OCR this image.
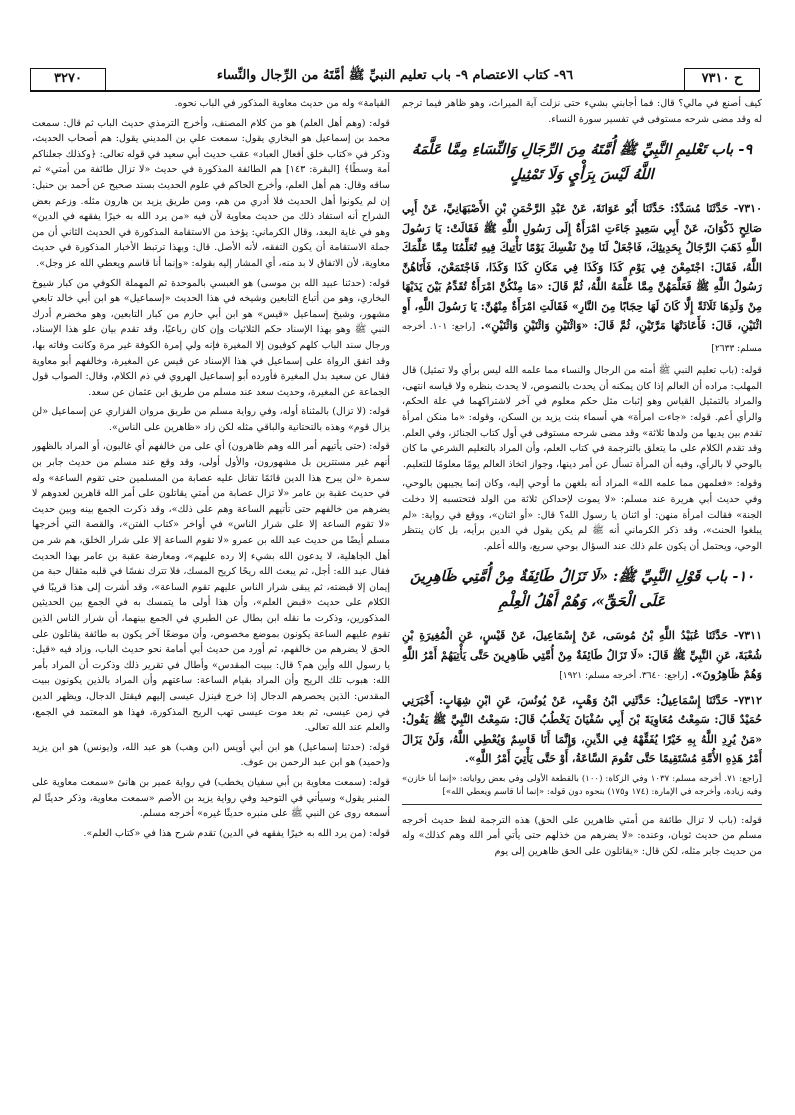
ح ٧٣١٠
٩٦- كتاب الاعتصام ٩- باب تعليم النبيِّ ﷺ أمَّتَهُ من الرِّجال والنِّساء
٣٢٧٠

كيف أصنع في مالي؟ قال: فما أجابني بشيء حتى نزلت آية الميراث، وهو ظاهر فيما ترجم له وقد مضى شرحه مستوفى في تفسير سورة النساء.

٩- باب تَعْليمِ النَّبِيِّ ﷺ أُمَّتَهُ مِنَ الرِّجَالِ وَالنِّسَاءِ مِمَّا عَلَّمَهُ اللَّهُ لَيْسَ بِرَأْيٍ وَلَا تَمْثِيلٍ

٧٣١٠- حَدَّثَنَا مُسَدَّدٌ: حَدَّثَنَا أَبُو عَوَانَةَ، عَنْ عَبْدِ الرَّحْمَنِ بْنِ الأَصْبَهَانِيِّ، عَنْ أَبِي صَالِحٍ ذَكْوَانَ، عَنْ أَبِي سَعِيدٍ جَاءَتِ امْرَأَةٌ إِلَى رَسُولِ اللَّهِ ﷺ فَقَالَتْ: يَا رَسُولَ اللَّهِ ذَهَبَ الرِّجَالُ بِحَدِيثِكَ، فَاجْعَلْ لَنَا مِنْ نَفْسِكَ يَوْمًا نَأْتِيكَ فِيهِ تُعَلِّمُنَا مِمَّا عَلَّمَكَ اللَّهُ، فَقَالَ: اجْتَمِعْنَ فِي يَوْمِ كَذَا وَكَذَا فِي مَكَانِ كَذَا وَكَذَا، فَاجْتَمَعْنَ، فَأَتَاهُنَّ رَسُولُ اللَّهِ ﷺ فَعَلَّمَهُنَّ مِمَّا عَلَّمَهُ اللَّهُ، ثُمَّ قَالَ: «مَا مِنْكُنَّ امْرَأَةٌ تُقَدِّمُ بَيْنَ يَدَيْهَا مِنْ وَلَدِهَا ثَلَاثَةً إِلَّا كَانَ لَهَا حِجَابًا مِنَ النَّارِ» فَقَالَتِ امْرَأَةٌ مِنْهُنَّ: يَا رَسُولَ اللَّهِ، أَوِ اثْنَيْنِ، قَالَ: فَأَعَادَتْهَا مَرَّتَيْنِ، ثُمَّ قَالَ: «وَاثْنَيْنِ وَاثْنَيْنِ وَاثْنَيْنِ». [راجع: ١٠١. أخرجه مسلم: ٢٦٣٣]

قوله: (باب تعليم النبي ﷺ أمته من الرجال والنساء مما علمه الله ليس برأي ولا تمثيل) قال المهلب: مراده أن العالم إذا كان يمكنه أن يحدث بالنصوص، لا يحدث بنظره ولا قياسه انتهى، والمراد بالتمثيل القياس وهو إثبات مثل حكم معلوم في آخر لاشتراكهما في علة الحكم، والرأي أعم. قوله: «جاءت امرأة» هي أسماء بنت يزيد بن السكن، وقوله: «ما منكن امرأة تقدم بين يديها من ولدها ثلاثة» وقد مضى شرحه مستوفى في أول كتاب الجنائز، وفي العلم. وقد تقدم الكلام على ما يتعلق بالترجمة في كتاب العلم، وأن المراد بالتعليم الشرعي ما كان بالوحي لا بالرأي، وفيه أن المرأة تسأل عن أمر دينها، وجواز اتخاذ العالم يومًا معلومًا للتعليم.

وقوله: «فعلمهن مما علمه الله» المراد أنه بلغهن ما أوحي إليه، وكان إنما يجيبهن بالوحي، وفي حديث أبي هريرة عند مسلم: «لا يموت لإحداكن ثلاثة من الولد فتحتسبه إلا دخلت الجنة» فقالت امرأة منهن: أو اثنان يا رسول الله؟ قال: «أو اثنان»، ووقع في رواية: «لم يبلغوا الحنث»، وقد ذكر الكرماني أنه ﷺ لم يكن يقول في الدين برأيه، بل كان ينتظر الوحي، ويحتمل أن يكون علم ذلك عند السؤال بوحي سريع، والله أعلم.

١٠- باب قَوْلِ النَّبِيِّ ﷺ: «لَا تَزَالُ طَائِفَةٌ مِنْ أُمَّتِي ظَاهِرِينَ عَلَى الْحَقِّ»، وَهُمْ أَهْلُ الْعِلْمِ

٧٣١١- حَدَّثَنَا عُبَيْدُ اللَّهِ بْنُ مُوسَى، عَنْ إِسْمَاعِيلَ، عَنْ قَيْسٍ، عَنِ الْمُغِيرَةِ بْنِ شُعْبَةَ، عَنِ النَّبِيِّ ﷺ قَالَ: «لَا تَزَالُ طَائِفَةٌ مِنْ أُمَّتِي ظَاهِرِينَ حَتَّى يَأْتِيَهُمْ أَمْرُ اللَّهِ وَهُمْ ظَاهِرُونَ». [راجع: ٣٦٤٠. أخرجه مسلم: ١٩٢١]

٧٣١٢- حَدَّثَنَا إِسْمَاعِيلُ: حَدَّثَنِي ابْنُ وَهْبٍ، عَنْ يُونُسَ، عَنِ ابْنِ شِهَابٍ: أَخْبَرَنِي حُمَيْدٌ قَالَ: سَمِعْتُ مُعَاوِيَةَ بْنَ أَبِي سُفْيَانَ يَخْطُبُ قَالَ: سَمِعْتُ النَّبِيَّ ﷺ يَقُولُ: «مَنْ يُرِدِ اللَّهُ بِهِ خَيْرًا يُفَقِّهْهُ فِي الدِّينِ، وَإِنَّمَا أَنَا قَاسِمٌ وَيُعْطِي اللَّهُ، وَلَنْ يَزَالَ أَمْرُ هَذِهِ الأُمَّةِ مُسْتَقِيمًا حَتَّى تَقُومَ السَّاعَةُ، أَوْ حَتَّى يَأْتِيَ أَمْرُ اللَّهِ».

[راجع: ٧١. أخرجه مسلم: ١٠٣٧ وفي الزكاة: (١٠٠) بالقطعة الأولى وفي بعض رواياته: «إنما أنا خازن» وفيه زيادة، وأخرجه في الإمارة: (١٧٤ و١٧٥) بنحوه دون قوله: «إنما أنا قاسم ويعطي الله»]

قوله: (باب لا تزال طائفة من أمتي ظاهرين على الحق) هذه الترجمة لفظ حديث أخرجه مسلم من حديث ثوبان، وعنده: «لا يضرهم من خذلهم حتى يأتي أمر الله وهم كذلك» وله من حديث جابر مثله، لكن قال: «يقاتلون على الحق ظاهرين إلى يوم

القيامة» وله من حديث معاوية المذكور في الباب نحوه.

قوله: (وهم أهل العلم) هو من كلام المصنف، وأخرج الترمذي حديث الباب ثم قال: سمعت محمد بن إسماعيل هو البخاري يقول: سمعت علي بن المديني يقول: هم أصحاب الحديث، وذكر في «كتاب خلق أفعال العباد» عقب حديث أبي سعيد في قوله تعالى: ﴿وكذلك جعلناكم أمة وسطًا﴾ [البقرة: ١٤٣] هم الطائفة المذكورة في حديث «لا تزال طائفة من أمتي» ثم ساقه وقال: هم أهل العلم، وأخرج الحاكم في علوم الحديث بسند صحيح عن أحمد بن حنبل: إن لم يكونوا أهل الحديث فلا أدري من هم، ومن طريق يزيد بن هارون مثله. وزعم بعض الشراح أنه استفاد ذلك من حديث معاوية لأن فيه «من يرد الله به خيرًا يفقهه في الدين» وهو في غاية البعد، وقال الكرماني: يؤخذ من الاستقامة المذكورة في الحديث الثاني أن من جملة الاستقامة أن يكون التفقه، لأنه الأصل. قال: وبهذا ترتبط الأخبار المذكورة في حديث معاوية، لأن الاتفاق لا بد منه، أي المشار إليه بقوله: «وإنما أنا قاسم ويعطي الله عز وجل».

قوله: (حدثنا عبيد الله بن موسى) هو العبسي بالموحدة ثم المهملة الكوفي من كبار شيوخ البخاري، وهو من أتباع التابعين وشيخه في هذا الحديث «إسماعيل» هو ابن أبي خالد تابعي مشهور، وشيخ إسماعيل «قيس» هو ابن أبي حازم من كبار التابعين، وهو مخضرم أدرك النبي ﷺ وهو بهذا الإسناد حكم الثلاثيات وإن كان رباعيًا، وقد تقدم بيان علو هذا الإسناد، ورجال سند الباب كلهم كوفيون إلا المغيرة فإنه ولي إمرة الكوفة غير مرة وكانت وفاته بها، وقد اتفق الرواة على إسماعيل في هذا الإسناد عن قيس عن المغيرة، وخالفهم أبو معاوية فقال عن سعيد بدل المغيرة فأورده أبو إسماعيل الهروي في ذم الكلام، وقال: الصواب قول الجماعة عن المغيرة، وحديث سعد عند مسلم من طريق ابن عثمان عن سعد.

قوله: (لا تزال) بالمثناة أوله، وفي رواية مسلم من طريق مروان الفزاري عن إسماعيل «لن يزال قوم» وهذه بالتحتانية والباقي مثله لكن زاد «ظاهرين على الناس».

قوله: (حتى يأتيهم أمر الله وهم ظاهرون) أي على من خالفهم أي غالبون، أو المراد بالظهور أنهم غير مستترين بل مشهورون، والأول أولى، وقد وقع عند مسلم من حديث جابر بن سمرة «لن يبرح هذا الدين قائمًا تقاتل عليه عصابة من المسلمين حتى تقوم الساعة» وله في حديث عقبة بن عامر «لا تزال عصابة من أمتي يقاتلون على أمر الله قاهرين لعدوهم لا يضرهم من خالفهم حتى تأتيهم الساعة وهم على ذلك»، وقد ذكرت الجمع بينه وبين حديث «لا تقوم الساعة إلا على شرار الناس» في أواخر «كتاب الفتن»، والقصة التي أخرجها مسلم أيضًا من حديث عبد الله بن عمرو «لا تقوم الساعة إلا على شرار الخلق، هم شر من أهل الجاهلية، لا يدعون الله بشيء إلا رده عليهم»، ومعارضة عقبة بن عامر بهذا الحديث فقال عبد الله: أجل، ثم يبعث الله ريحًا كريح المسك، فلا تترك نفسًا في قلبه مثقال حبة من إيمان إلا قبضته، ثم يبقى شرار الناس عليهم تقوم الساعة»، وقد أشرت إلى هذا قريبًا في الكلام على حديث «قبض العلم»، وأن هذا أولى ما يتمسك به في الجمع بين الحديثين المذكورين، وذكرت ما نقله ابن بطال عن الطبري في الجمع بينهما، أن شرار الناس الذين تقوم عليهم الساعة يكونون بموضع مخصوص، وأن موضعًا آخر يكون به طائفة يقاتلون على الحق لا يضرهم من خالفهم، ثم أورد من حديث أبي أمامة نحو حديث الباب، وزاد فيه «قيل: يا رسول الله وأين هم؟ قال: ببيت المقدس» وأطال في تقرير ذلك وذكرت أن المراد بأمر الله: هبوب تلك الريح وأن المراد بقيام الساعة: ساعتهم وأن المراد بالذين يكونون ببيت المقدس: الذين يحصرهم الدجال إذا خرج فينزل عيسى إليهم فيقتل الدجال، ويظهر الدين في زمن عيسى، ثم بعد موت عيسى تهب الريح المذكورة، فهذا هو المعتمد في الجمع، والعلم عند الله تعالى.

قوله: (حدثنا إسماعيل) هو ابن أبي أويس (ابن وهب) هو عبد الله، و(يونس) هو ابن يزيد و(حميد) هو ابن عبد الرحمن بن عوف.

قوله: (سمعت معاوية بن أبي سفيان يخطب) في رواية عمير بن هانئ «سمعت معاوية على المنبر يقول» وسيأتي في التوحيد وفي رواية يزيد بن الأصم «سمعت معاوية، وذكر حديثًا لم أسمعه روى عن النبي ﷺ على منبره حديثًا غيره» أخرجه مسلم.

قوله: (من يرد الله به خيرًا يفقهه في الدين) تقدم شرح هذا في «كتاب العلم».
